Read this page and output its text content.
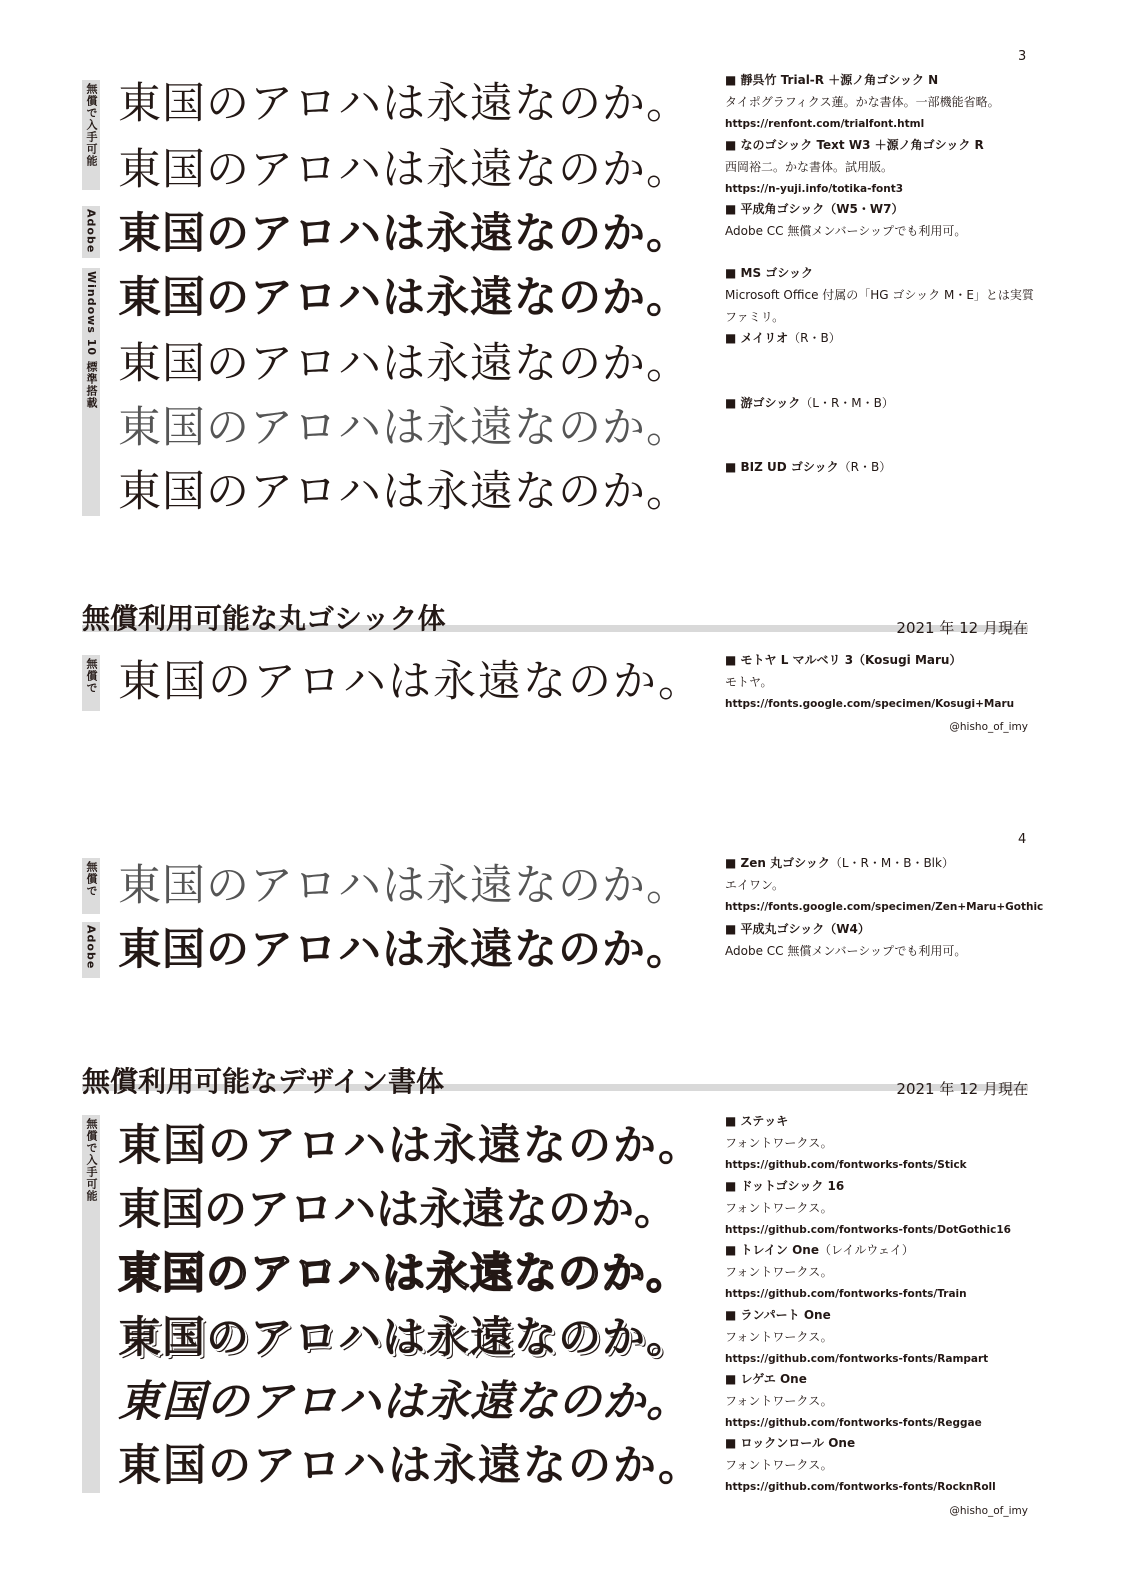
3
無償で入手可能
Adobe
Windows 10 標準搭載
東国のアロハは永遠なのか。
東国のアロハは永遠なのか。
東国のアロハは永遠なのか。
東国のアロハは永遠なのか。
東国のアロハは永遠なのか。
東国のアロハは永遠なのか。
東国のアロハは永遠なのか。
■ 靜呉竹 Trial-R ＋源ノ角ゴシック N
タイポグラフィクス蓮。かな書体。一部機能省略。
https://renfont.com/trialfont.html
■ なのゴシック Text W3 ＋源ノ角ゴシック R
西岡裕二。かな書体。試用版。
https://n-yuji.info/totika-font3
■ 平成角ゴシック（W5・W7）
Adobe CC 無償メンバーシップでも利用可。
■ MS ゴシック
Microsoft Office 付属の「HG ゴシック M・E」とは実質ファミリ。
■ メイリオ（R・B）
■ 游ゴシック（L・R・M・B）
■ BIZ UD ゴシック（R・B）
無償利用可能な丸ゴシック体	2021 年 12 月現在
無償で 東国のアロハは永遠なのか。 ■ モトヤ L マルベリ 3（Kosugi Maru）
モトヤ。
https://fonts.google.com/specimen/Kosugi+Maru
@hisho_of_imy
4
無償で
Adobe
東国のアロハは永遠なのか。
東国のアロハは永遠なのか。
■ Zen 丸ゴシック（L・R・M・B・Blk）
エイワン。
https://fonts.google.com/specimen/Zen+Maru+Gothic
■ 平成丸ゴシック（W4）
Adobe CC 無償メンバーシップでも利用可。
無償利用可能なデザイン書体	2021 年 12 月現在
無償で入手可能 東国のアロハは永遠なのか。
東国のアロハは永遠なのか。
東国のアロハは永遠なのか。
東国のアロハは永遠なのか。
東国のアロハは永遠なのか。
東国のアロハは永遠なのか。
■ ステッキ
フォントワークス。
https://github.com/fontworks-fonts/Stick
■ ドットゴシック 16
フォントワークス。
https://github.com/fontworks-fonts/DotGothic16
■ トレイン One（レイルウェイ）
フォントワークス。
https://github.com/fontworks-fonts/Train
■ ランパート One
フォントワークス。
https://github.com/fontworks-fonts/Rampart
■ レゲエ One
フォントワークス。
https://github.com/fontworks-fonts/Reggae
■ ロックンロール One
フォントワークス。
https://github.com/fontworks-fonts/RocknRoll
@hisho_of_imy
